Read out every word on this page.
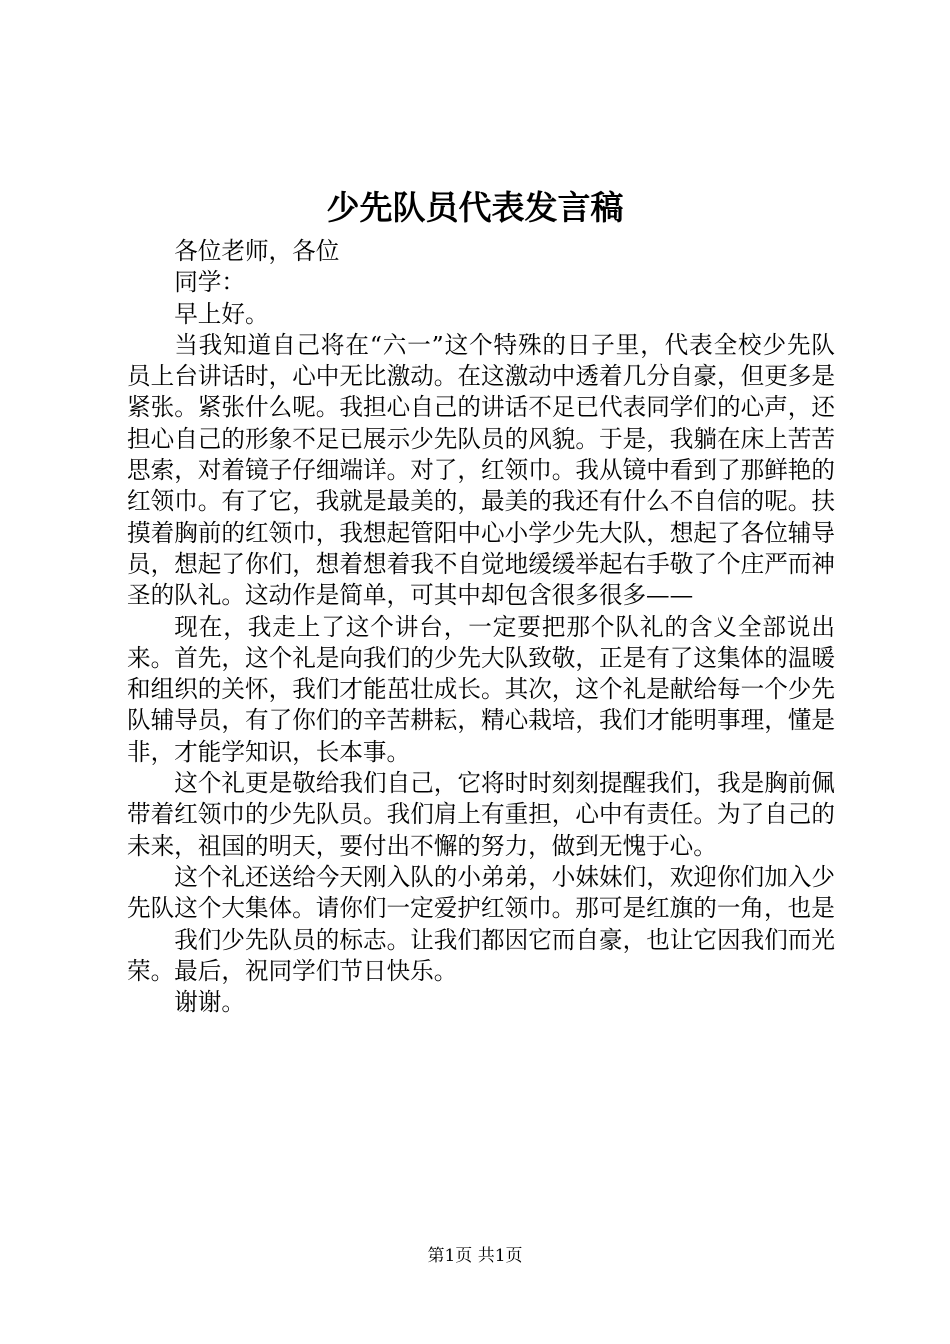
少先队员代表发言稿

各位老师，各位

同学：

早上好。

当我知道自己将在“六一”这个特殊的日子里，代表全校少先队员上台讲话时，心中无比激动。在这激动中透着几分自豪，但更多是紧张。紧张什么呢。我担心自己的讲话不足已代表同学们的心声，还担心自己的形象不足已展示少先队员的风貌。于是，我躺在床上苦苦思索，对着镜子仔细端详。对了，红领巾。我从镜中看到了那鲜艳的红领巾。有了它，我就是最美的，最美的我还有什么不自信的呢。扶摸着胸前的红领巾，我想起管阳中心小学少先大队，想起了各位辅导员，想起了你们，想着想着我不自觉地缓缓举起右手敬了个庄严而神圣的队礼。这动作是简单，可其中却包含很多很多——

现在，我走上了这个讲台，一定要把那个队礼的含义全部说出来。首先，这个礼是向我们的少先大队致敬，正是有了这集体的温暖和组织的关怀，我们才能茁壮成长。其次，这个礼是献给每一个少先队辅导员，有了你们的辛苦耕耘，精心栽培，我们才能明事理，懂是非，才能学知识，长本事。

这个礼更是敬给我们自己，它将时时刻刻提醒我们，我是胸前佩带着红领巾的少先队员。我们肩上有重担，心中有责任。为了自己的未来，祖国的明天，要付出不懈的努力，做到无愧于心。

这个礼还送给今天刚入队的小弟弟，小妹妹们，欢迎你们加入少先队这个大集体。请你们一定爱护红领巾。那可是红旗的一角，也是

我们少先队员的标志。让我们都因它而自豪，也让它因我们而光荣。最后，祝同学们节日快乐。

谢谢。

第1页 共1页
